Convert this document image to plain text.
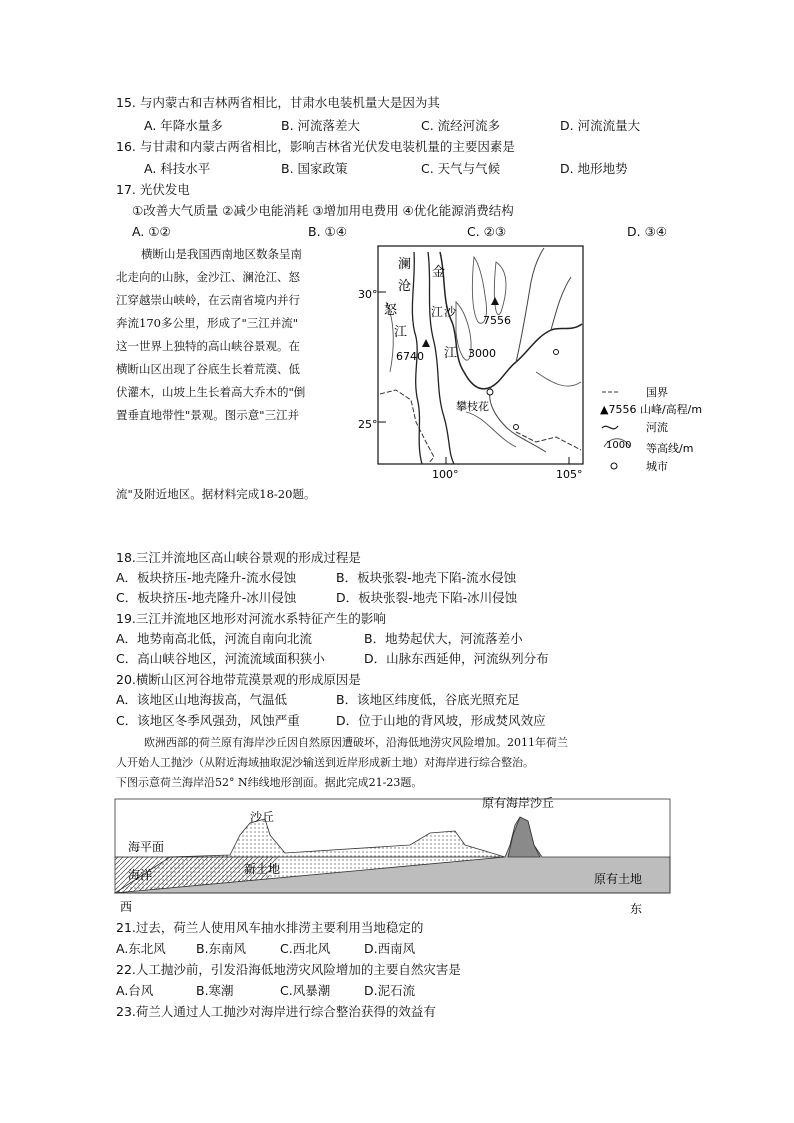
15. 与内蒙古和吉林两省相比，甘肃水电装机量大是因为其
A. 年降水量多	B. 河流落差大	C. 流经河流多	D. 河流流量大
16. 与甘肃和内蒙古两省相比，影响吉林省光伏发电装机量的主要因素是
A. 科技水平	B. 国家政策	C. 天气与气候	D. 地形地势
17. 光伏发电
①改善大气质量 ②减少电能消耗 ③增加用电费用 ④优化能源消费结构
A. ①②	B. ①④	C. ②③	D. ③④
横断山是我国西南地区数条呈南
北走向的山脉，金沙江、澜沧江、怒
江穿越崇山峡岭，在云南省境内并行
奔流170多公里，形成了"三江并流"
这一世界上独特的高山峡谷景观。在
横断山区出现了谷底生长着荒漠、低
伏灌木，山坡上生长着高大乔木的"倒
置垂直地带性"景观。图示意"三江并
流"及附近地区。据材料完成18-20题。
澜
沧
怒
江
金
江
江 沙
7556
6740	3000
攀枝花
30°
25°
100°	105°
国界
▲7556 山峰/高程/m
河流
1000 等高线/m
城市
18.三江并流地区高山峡谷景观的形成过程是
A．板块挤压-地壳隆升-流水侵蚀	B．板块张裂-地壳下陷-流水侵蚀
C．板块挤压-地壳隆升-冰川侵蚀	D．板块张裂-地壳下陷-冰川侵蚀
19.三江并流地区地形对河流水系特征产生的影响
A．地势南高北低，河流自南向北流	B．地势起伏大，河流落差小
C．高山峡谷地区，河流流域面积狭小	D．山脉东西延伸，河流纵列分布
20.横断山区河谷地带荒漠景观的形成原因是
A．该地区山地海拔高，气温低	B．该地区纬度低，谷底光照充足
C．该地区冬季风强劲，风蚀严重	D．位于山地的背风坡，形成焚风效应
欧洲西部的荷兰原有海岸沙丘因自然原因遭破坏，沿海低地涝灾风险增加。2011年荷兰
人开始人工抛沙（从附近海域抽取泥沙输送到近岸形成新土地）对海岸进行综合整治。
下图示意荷兰海岸沿52° N纬线地形剖面。据此完成21-23题。
原有海岸沙丘
沙丘
海平面
海洋	新土地
原有土地
西	东
21.过去，荷兰人使用风车抽水排涝主要利用当地稳定的
A.东北风 B.东南风	C.西北风	D.西南风
22.人工抛沙前，引发沿海低地涝灾风险增加的主要自然灾害是
A.台风	B.寒潮	C.风暴潮	D.泥石流
23.荷兰人通过人工抛沙对海岸进行综合整治获得的效益有
